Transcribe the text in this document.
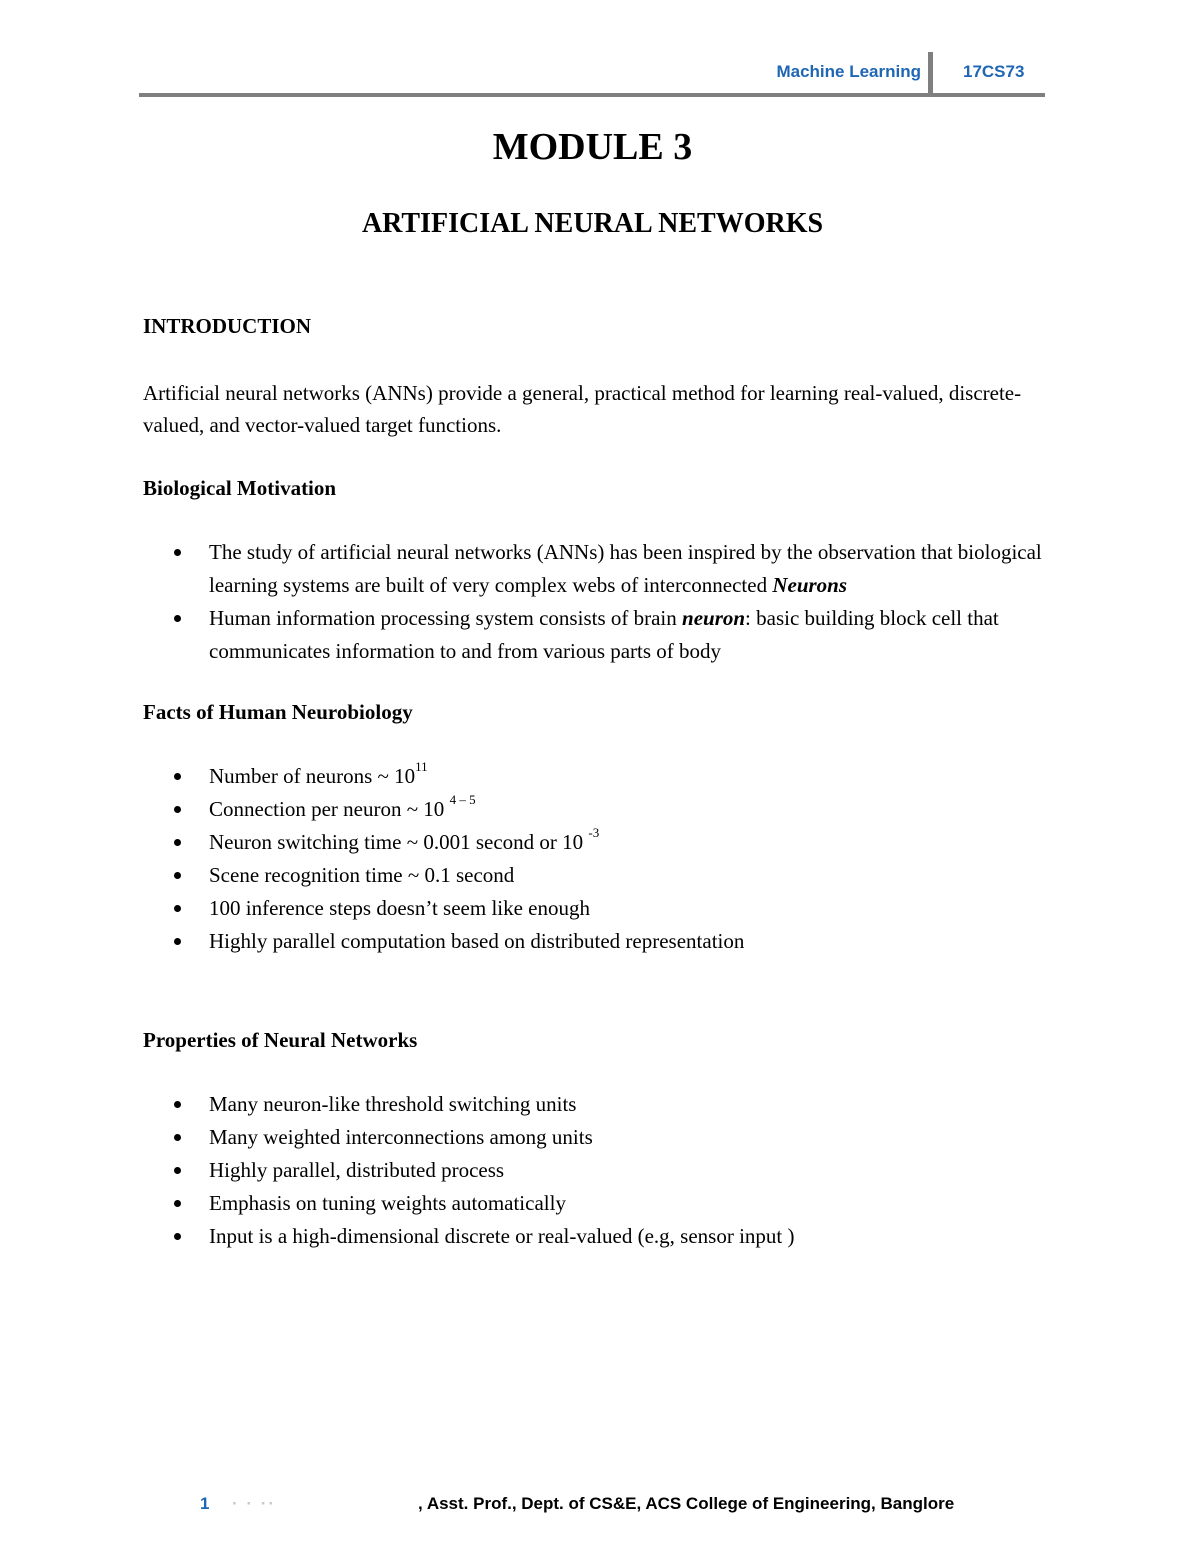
Machine Learning 17CS73
MODULE 3
ARTIFICIAL NEURAL NETWORKS
INTRODUCTION

Artificial neural networks (ANNs) provide a general, practical method for learning real-valued, discrete-valued, and vector-valued target functions.

Biological Motivation
The study of artificial neural networks (ANNs) has been inspired by the observation that biological learning systems are built of very complex webs of interconnected Neurons
Human information processing system consists of brain neuron: basic building block cell that communicates information to and from various parts of body
Facts of Human Neurobiology
Number of neurons ~ $10^{11}$
Connection per neuron ~ 10 $^{4 - 5}$
Neuron switching time ~ 0.001 second or 10 $^{-3}$
Scene recognition time ~ 0.1 second
100 inference steps doesn’t seem like enough
Highly parallel computation based on distributed representation
Properties of Neural Networks
Many neuron-like threshold switching units
Many weighted interconnections among units
Highly parallel, distributed process
Emphasis on tuning weights automatically
Input is a high-dimensional discrete or real-valued (e.g, sensor input )
1 · · ··	, Asst. Prof., Dept. of CS&E, ACS College of Engineering, Banglore
